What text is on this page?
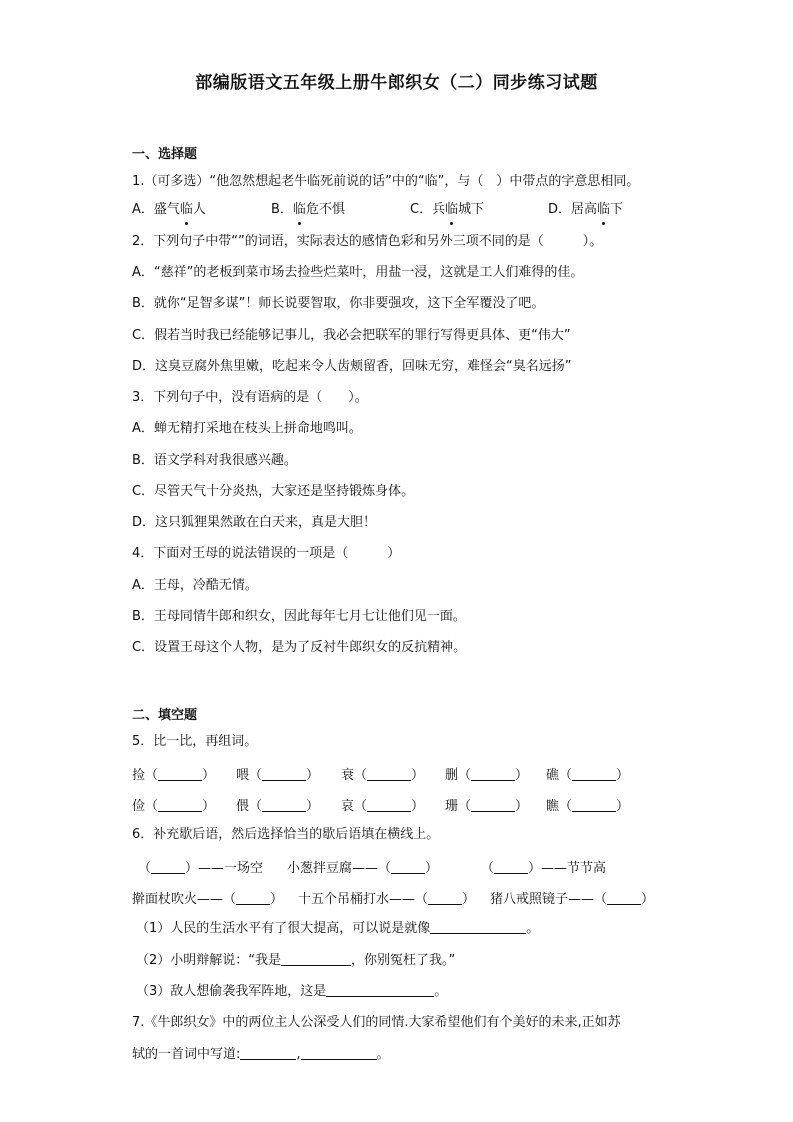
部编版语文五年级上册牛郎织女（二）同步练习试题
一、选择题
1.（可多选）“他忽然想起老牛临死前说的话”中的“临”，与（　）中带点的字意思相同。
A．盛气临人	B．临危不惧	C．兵临城下	D．居高临下
2．下列句子中带“”的词语，实际表达的感情色彩和另外三项不同的是（　　　）。
A．“慈祥”的老板到菜市场去捡些烂菜叶，用盐一浸，这就是工人们难得的佳。
B．就你“足智多谋”！师长说要智取，你非要强攻，这下全军覆没了吧。
C．假若当时我已经能够记事儿，我必会把联军的罪行写得更具体、更“伟大”
D．这臭豆腐外焦里嫩，吃起来令人齿颊留香，回味无穷，难怪会“臭名远扬”
3．下列句子中，没有语病的是（　　）。
A．蝉无精打采地在枝头上拼命地鸣叫。
B．语文学科对我很感兴趣。
C．尽管天气十分炎热，大家还是坚持锻炼身体。
D．这只狐狸果然敢在白天来，真是大胆！
4．下面对王母的说法错误的一项是（　　　）
A．王母，冷酷无情。
B．王母同情牛郎和织女，因此每年七月七让他们见一面。
C．设置王母这个人物，是为了反衬牛郎织女的反抗精神。
二、填空题
5．比一比，再组词。
捡（	） 喂（	） 衰（	） 删（	） 礁（	）
俭（	） 偎（	） 哀（	） 珊（	） 瞧（	）
6．补充歇后语，然后选择恰当的歇后语填在横线上。
（	）——一场空 小葱拌豆腐——（	）	（	）——节节高
擀面杖吹火——（	） 十五个吊桶打水——（	） 猪八戒照镜子——（	）
（1）人民的生活水平有了很大提高，可以说是就像	。
（2）小明辩解说：“我是	，你别冤枉了我。”
（3）敌人想偷袭我军阵地，这是	。
7.《牛郎织女》中的两位主人公深受人们的同情.大家希望他们有个美好的未来,正如苏
轼的一首词中写道:	,	。
